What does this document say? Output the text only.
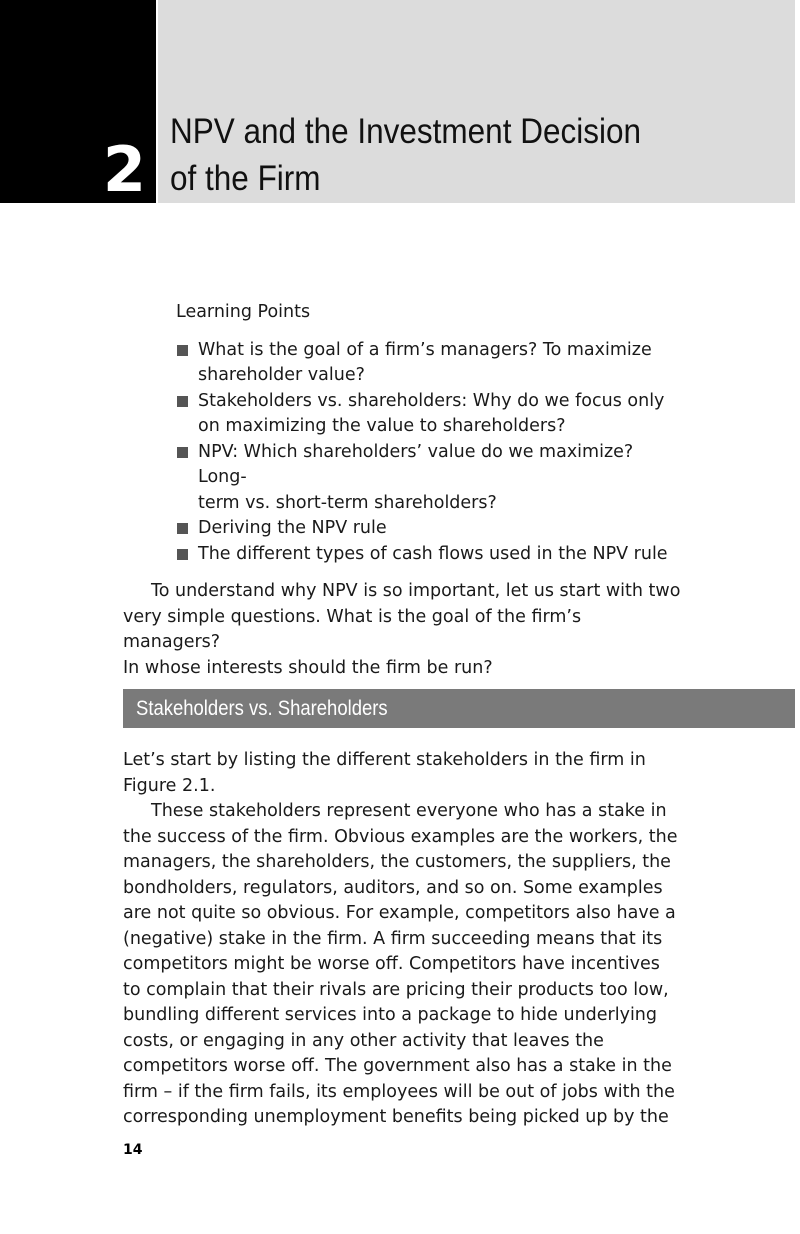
2
NPV and the Investment Decision
of the Firm
Learning Points
What is the goal of a firm’s managers? To maximize
shareholder value?
Stakeholders vs. shareholders: Why do we focus only
on maximizing the value to shareholders?
NPV: Which shareholders’ value do we maximize? Long-
term vs. short-term shareholders?
Deriving the NPV rule
The different types of cash flows used in the NPV rule

To understand why NPV is so important, let us start with two
very simple questions. What is the goal of the firm’s managers?
In whose interests should the firm be run?

Stakeholders vs. Shareholders

Let’s start by listing the different stakeholders in the firm in
Figure 2.1.

These stakeholders represent everyone who has a stake in
the success of the firm. Obvious examples are the workers, the
managers, the shareholders, the customers, the suppliers, the
bondholders, regulators, auditors, and so on. Some examples
are not quite so obvious. For example, competitors also have a
(negative) stake in the firm. A firm succeeding means that its
competitors might be worse off. Competitors have incentives
to complain that their rivals are pricing their products too low,
bundling different services into a package to hide underlying
costs, or engaging in any other activity that leaves the
competitors worse off. The government also has a stake in the
firm – if the firm fails, its employees will be out of jobs with the
corresponding unemployment benefits being picked up by the

14
